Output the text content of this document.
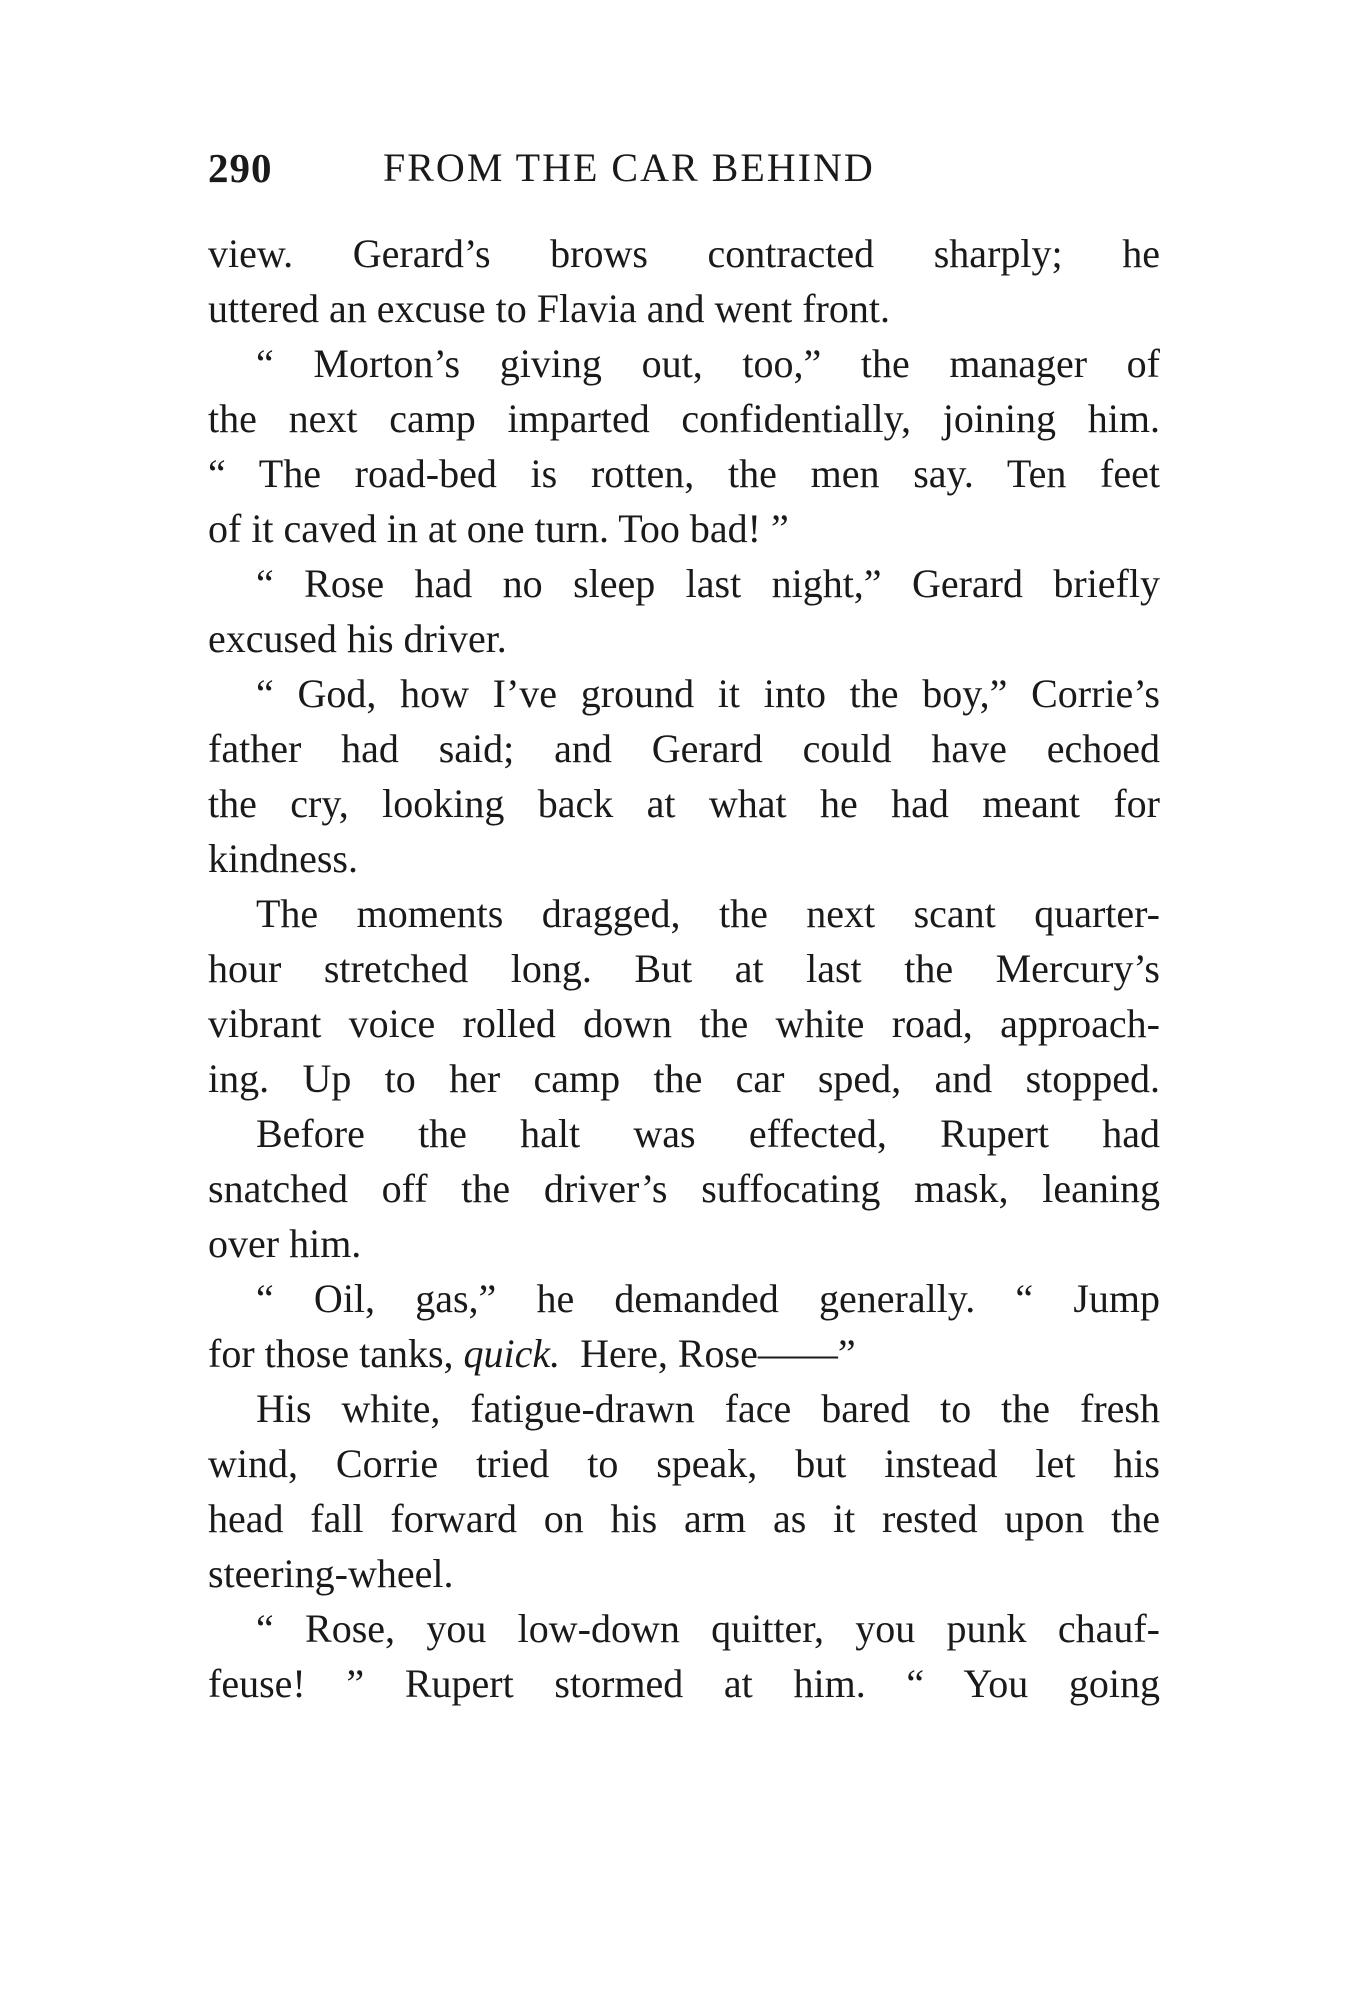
290	FROM THE CAR BEHIND
view. Gerard’s brows contracted sharply; he
uttered an excuse to Flavia and went front.
“ Morton’s giving out, too,” the manager of
the next camp imparted confidentially, joining him.
“ The road-bed is rotten, the men say. Ten feet
of it caved in at one turn. Too bad! ”
“ Rose had no sleep last night,” Gerard briefly
excused his driver.
“ God, how I’ve ground it into the boy,” Corrie’s
father had said; and Gerard could have echoed
the cry, looking back at what he had meant for
kindness.
The moments dragged, the next scant quarter-
hour stretched long. But at last the Mercury’s
vibrant voice rolled down the white road, approach-
ing. Up to her camp the car sped, and stopped.
Before the halt was effected, Rupert had
snatched off the driver’s suffocating mask, leaning
over him.
“ Oil, gas,” he demanded generally. “ Jump
for those tanks, quick. Here, Rose——”
His white, fatigue-drawn face bared to the fresh
wind, Corrie tried to speak, but instead let his
head fall forward on his arm as it rested upon the
steering-wheel.
“ Rose, you low-down quitter, you punk chauf-
feuse! ” Rupert stormed at him. “ You going
